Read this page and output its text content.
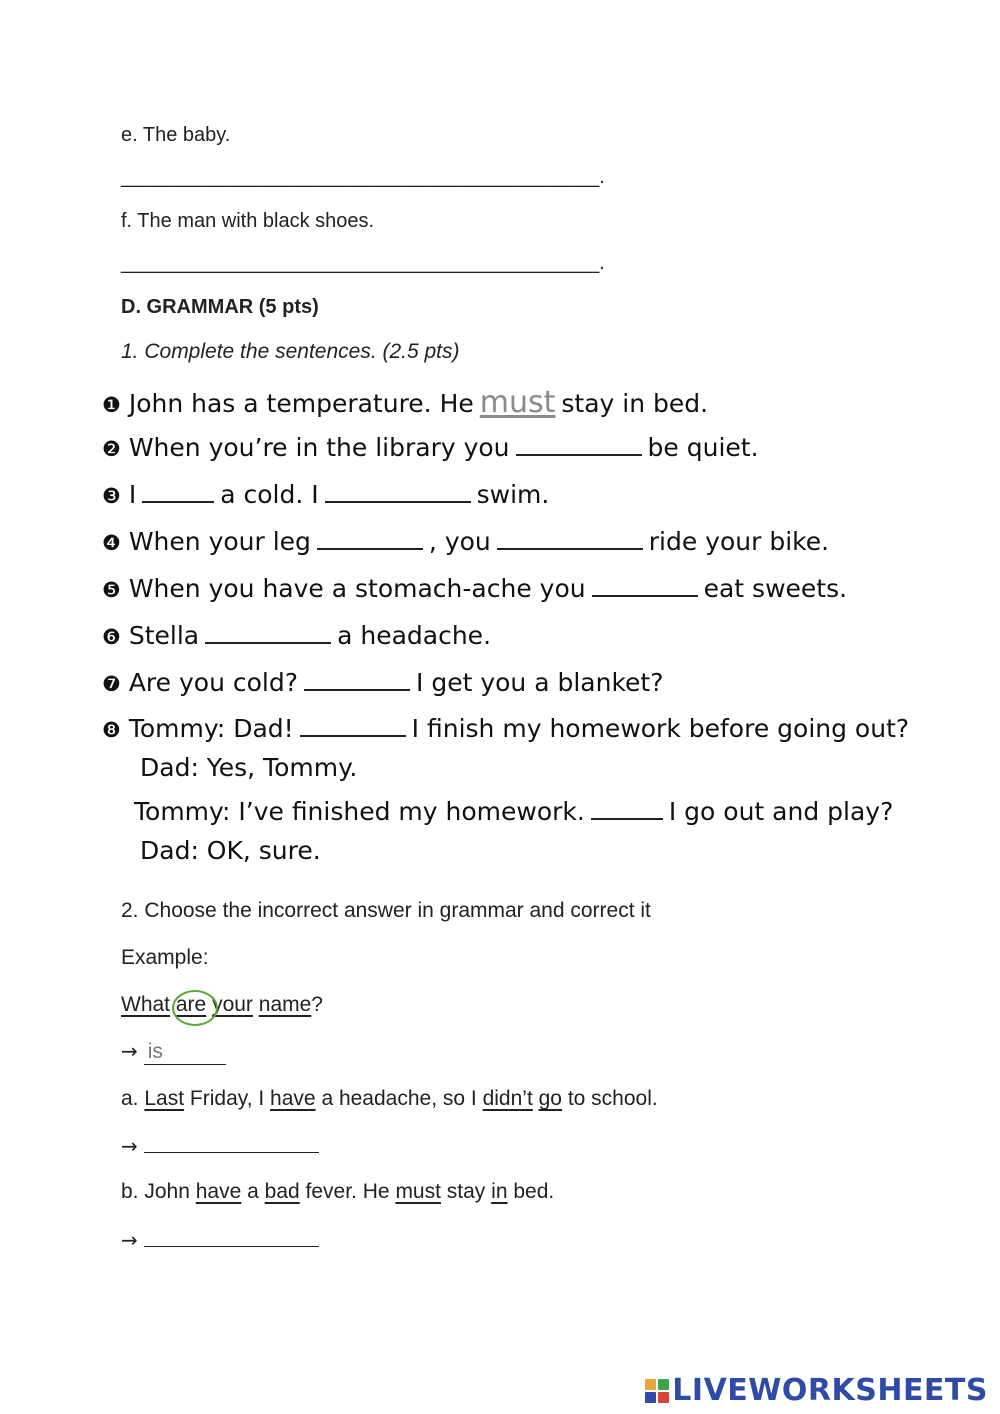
e. The baby.
___________________________________________.
f. The man with black shoes.
___________________________________________.
D. GRAMMAR (5 pts)
1. Complete the sentences. (2.5 pts)
❶ John has a temperature. He must stay in bed.
❷ When you’re in the library you	be quiet.
❸ I	a cold. I	swim.
❹ When your leg	, you	ride your bike.
❺ When you have a stomach-ache you	eat sweets.
❻ Stella	a headache.
❼ Are you cold?	I get you a blanket?
❽ Tommy: Dad!	I finish my homework before going out?
Dad: Yes, Tommy.
Tommy: I’ve finished my homework.	I go out and play?
Dad: OK, sure.
2. Choose the incorrect answer in grammar and correct it
Example:
What are your name?
→ is
a. Last Friday, I have a headache, so I didn’t go to school.
→
b. John have a bad fever. He must stay in bed.
→
LIVEWORKSHEETS
